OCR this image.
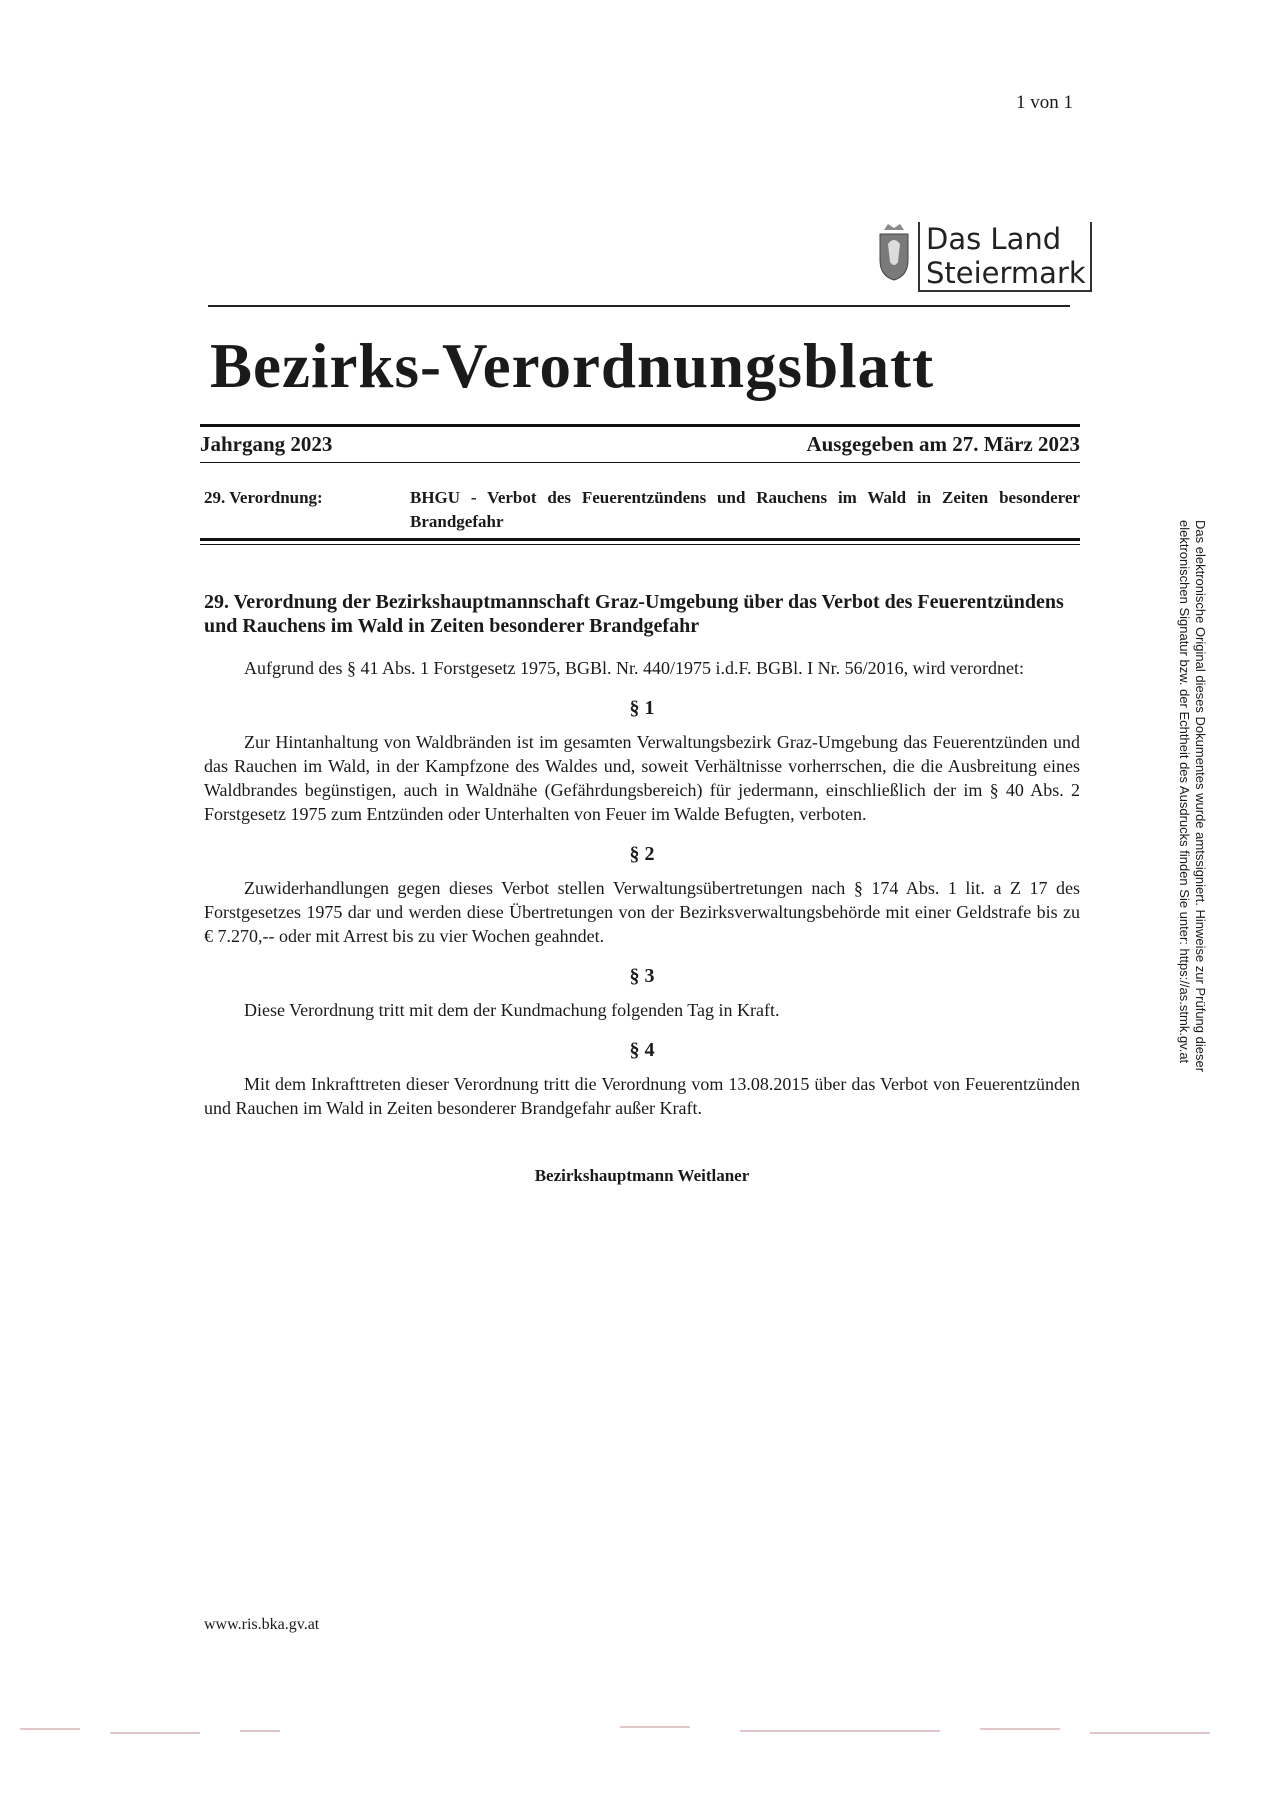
1 von 1
Das Land
Steiermark
Bezirks-Verordnungsblatt
Jahrgang 2023	Ausgegeben am 27. März 2023
29. Verordnung:	BHGU - Verbot des Feuerentzündens und Rauchens im Wald in Zeiten besonderer Brandgefahr
29. Verordnung der Bezirkshauptmannschaft Graz-Umgebung über das Verbot des Feuerentzündens und Rauchens im Wald in Zeiten besonderer Brandgefahr

Aufgrund des § 41 Abs. 1 Forstgesetz 1975, BGBl. Nr. 440/1975 i.d.F. BGBl. I Nr. 56/2016, wird verordnet:

§ 1

Zur Hintanhaltung von Waldbränden ist im gesamten Verwaltungsbezirk Graz-Umgebung das Feuerentzünden und das Rauchen im Wald, in der Kampfzone des Waldes und, soweit Verhältnisse vorherrschen, die die Ausbreitung eines Waldbrandes begünstigen, auch in Waldnähe (Gefährdungsbereich) für jedermann, einschließlich der im § 40 Abs. 2 Forstgesetz 1975 zum Entzünden oder Unterhalten von Feuer im Walde Befugten, verboten.

§ 2

Zuwiderhandlungen gegen dieses Verbot stellen Verwaltungsübertretungen nach § 174 Abs. 1 lit. a Z 17 des Forstgesetzes 1975 dar und werden diese Übertretungen von der Bezirksverwaltungsbehörde mit einer Geldstrafe bis zu € 7.270,-- oder mit Arrest bis zu vier Wochen geahndet.

§ 3

Diese Verordnung tritt mit dem der Kundmachung folgenden Tag in Kraft.

§ 4

Mit dem Inkrafttreten dieser Verordnung tritt die Verordnung vom 13.08.2015 über das Verbot von Feuerentzünden und Rauchen im Wald in Zeiten besonderer Brandgefahr außer Kraft.

Bezirkshauptmann Weitlaner
www.ris.bka.gv.at
Das elektronische Original dieses Dokumentes wurde amtssigniert. Hinweise zur Prüfung dieser
elektronischen Signatur bzw. der Echtheit des Ausdrucks finden Sie unter: https://as.stmk.gv.at
